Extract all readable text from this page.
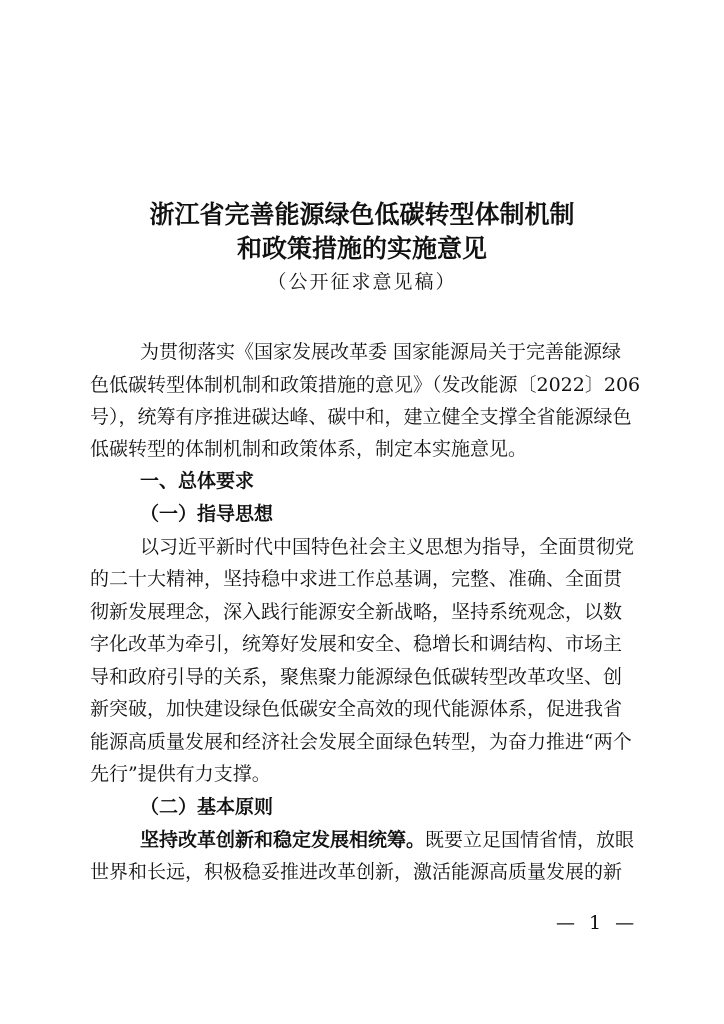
浙江省完善能源绿色低碳转型体制机制
和政策措施的实施意见
（公开征求意见稿）
为贯彻落实《国家发展改革委 国家能源局关于完善能源绿
色低碳转型体制机制和政策措施的意见》（发改能源〔2022〕206
号），统筹有序推进碳达峰、碳中和，建立健全支撑全省能源绿色
低碳转型的体制机制和政策体系，制定本实施意见。
一、总体要求
（一）指导思想
以习近平新时代中国特色社会主义思想为指导，全面贯彻党
的二十大精神，坚持稳中求进工作总基调，完整、准确、全面贯
彻新发展理念，深入践行能源安全新战略，坚持系统观念，以数
字化改革为牵引，统筹好发展和安全、稳增长和调结构、市场主
导和政府引导的关系，聚焦聚力能源绿色低碳转型改革攻坚、创
新突破，加快建设绿色低碳安全高效的现代能源体系，促进我省
能源高质量发展和经济社会发展全面绿色转型，为奋力推进“两个
先行”提供有力支撑。
（二）基本原则
坚持改革创新和稳定发展相统筹。既要立足国情省情，放眼
世界和长远，积极稳妥推进改革创新，激活能源高质量发展的新
— 1 —
